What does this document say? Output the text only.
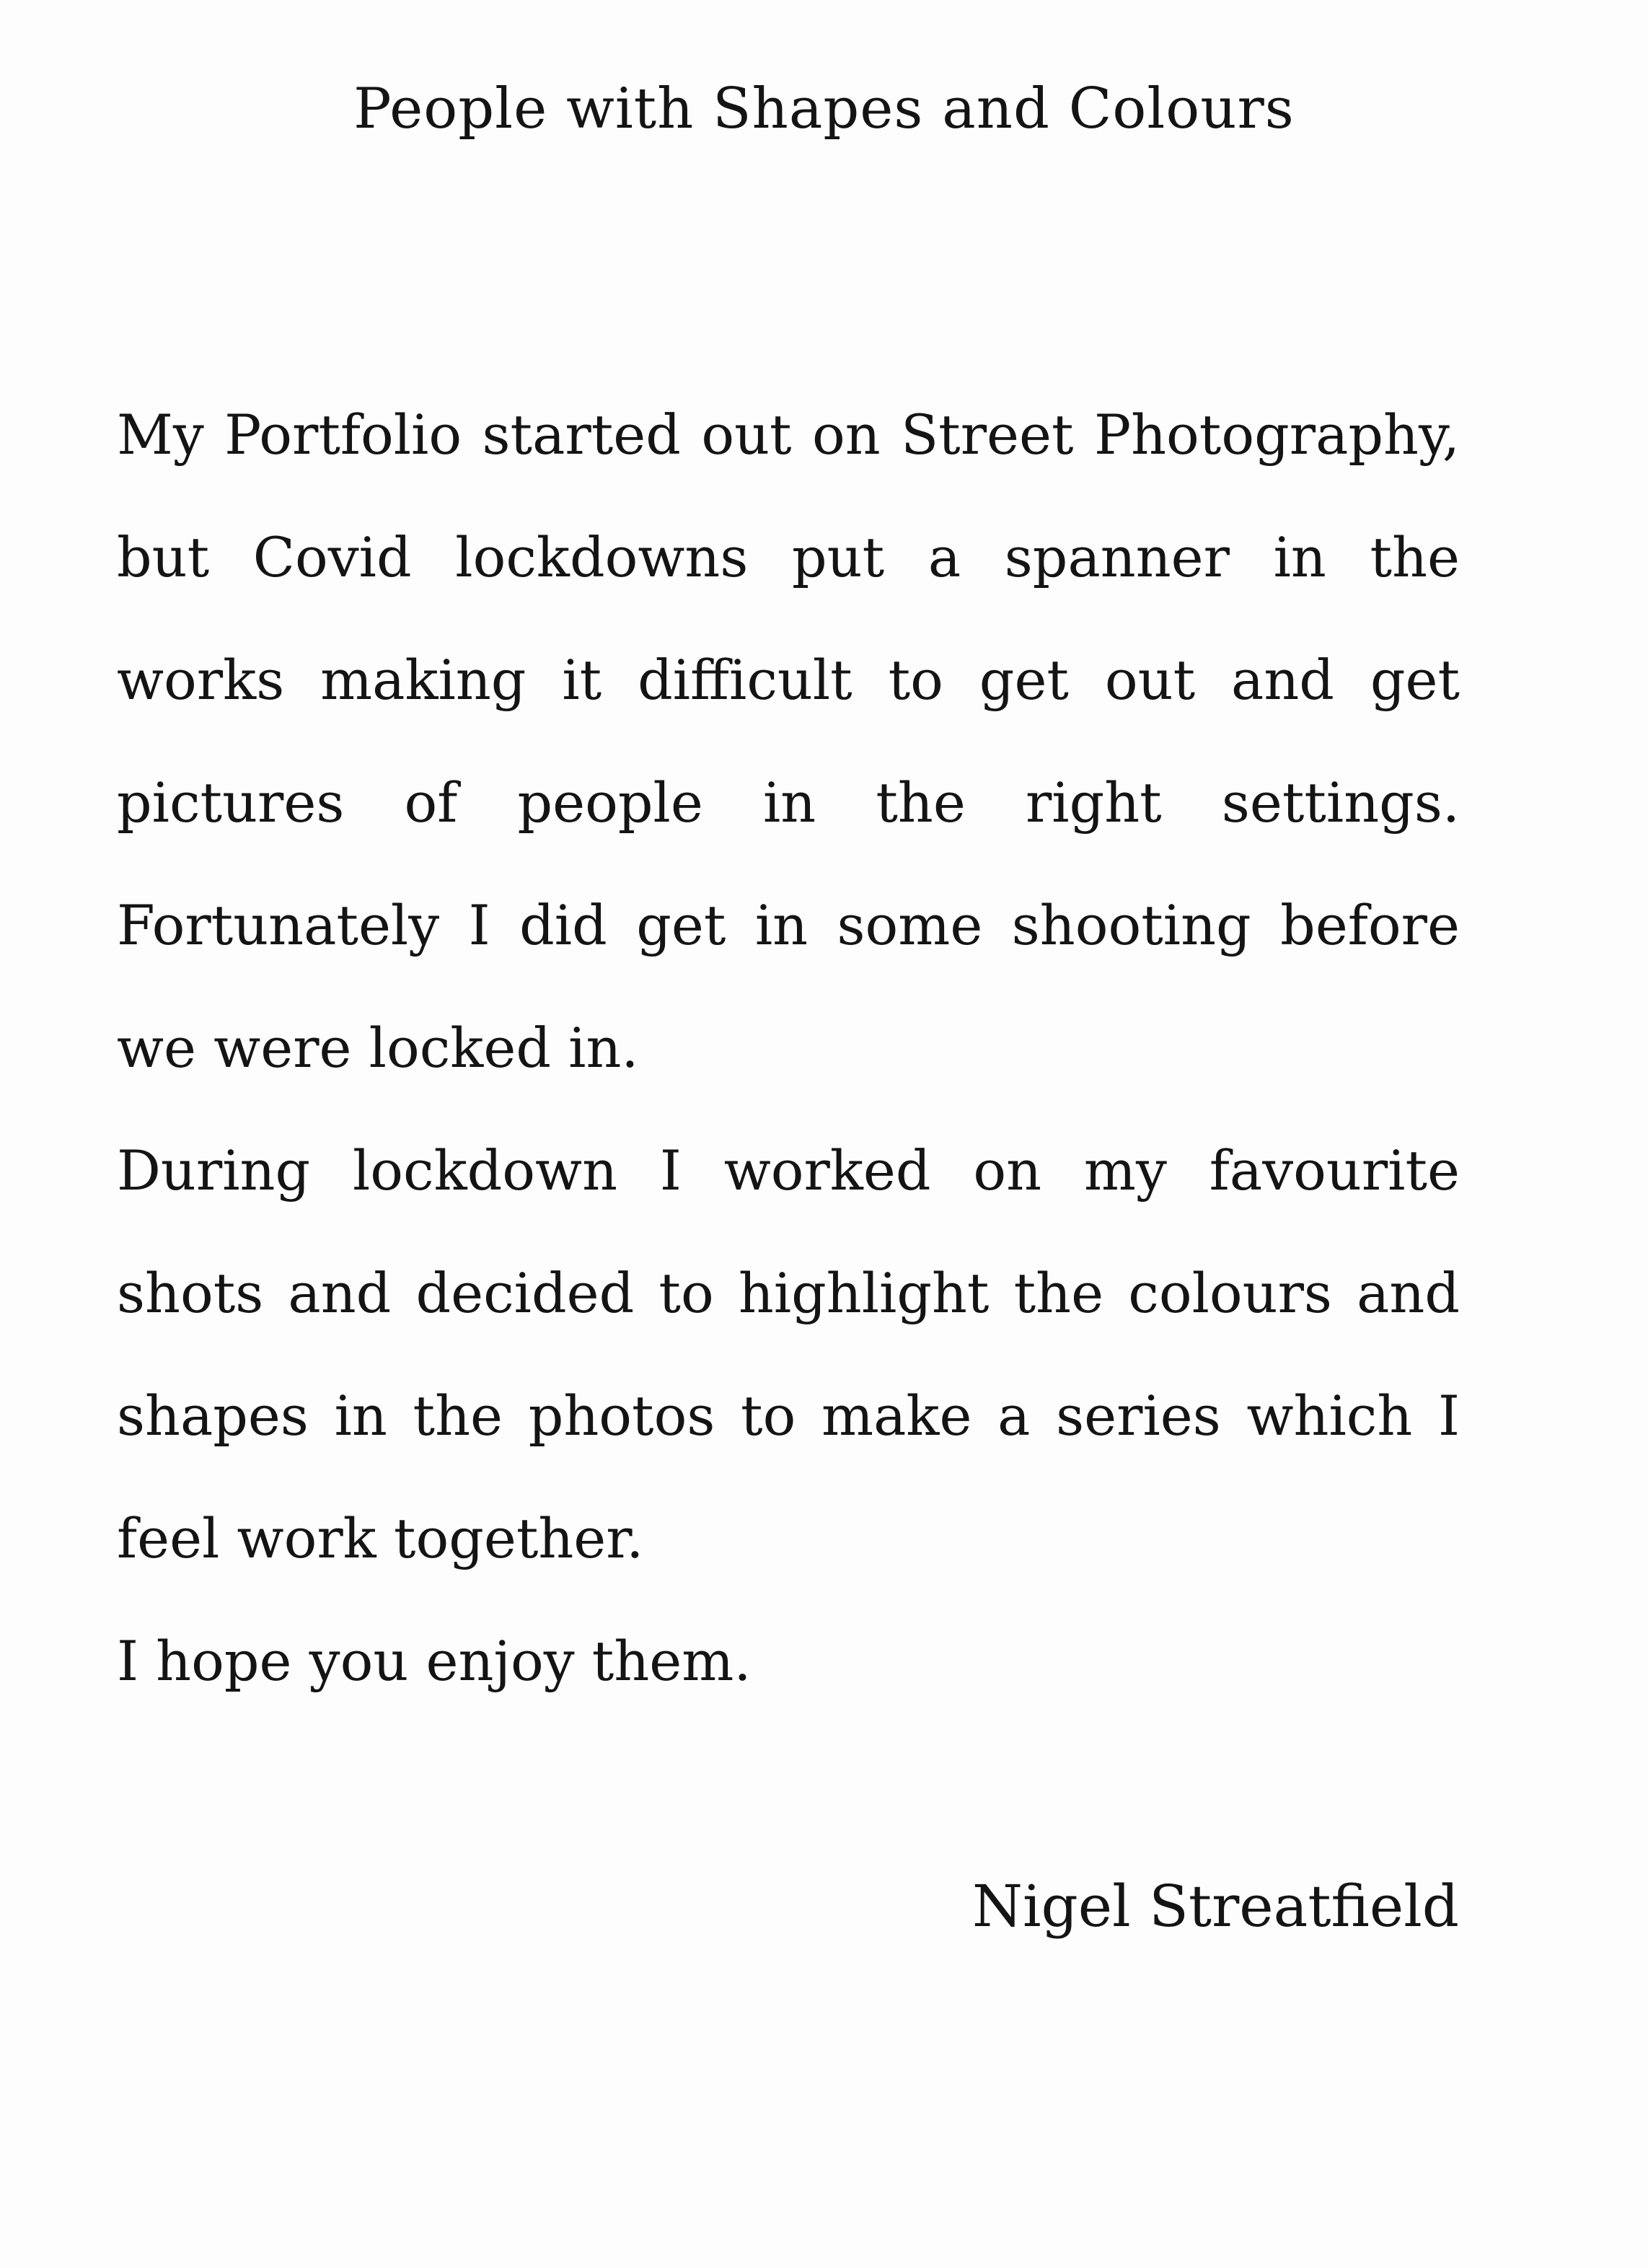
People with Shapes and Colours

My Portfolio started out on Street Photography, but Covid lockdowns put a spanner in the works making it difficult to get out and get pictures of people in the right settings. Fortunately I did get in some shooting before we were locked in.

During lockdown I worked on my favourite shots and decided to highlight the colours and shapes in the photos to make a series which I feel work together.

I hope you enjoy them.

Nigel Streatfield
